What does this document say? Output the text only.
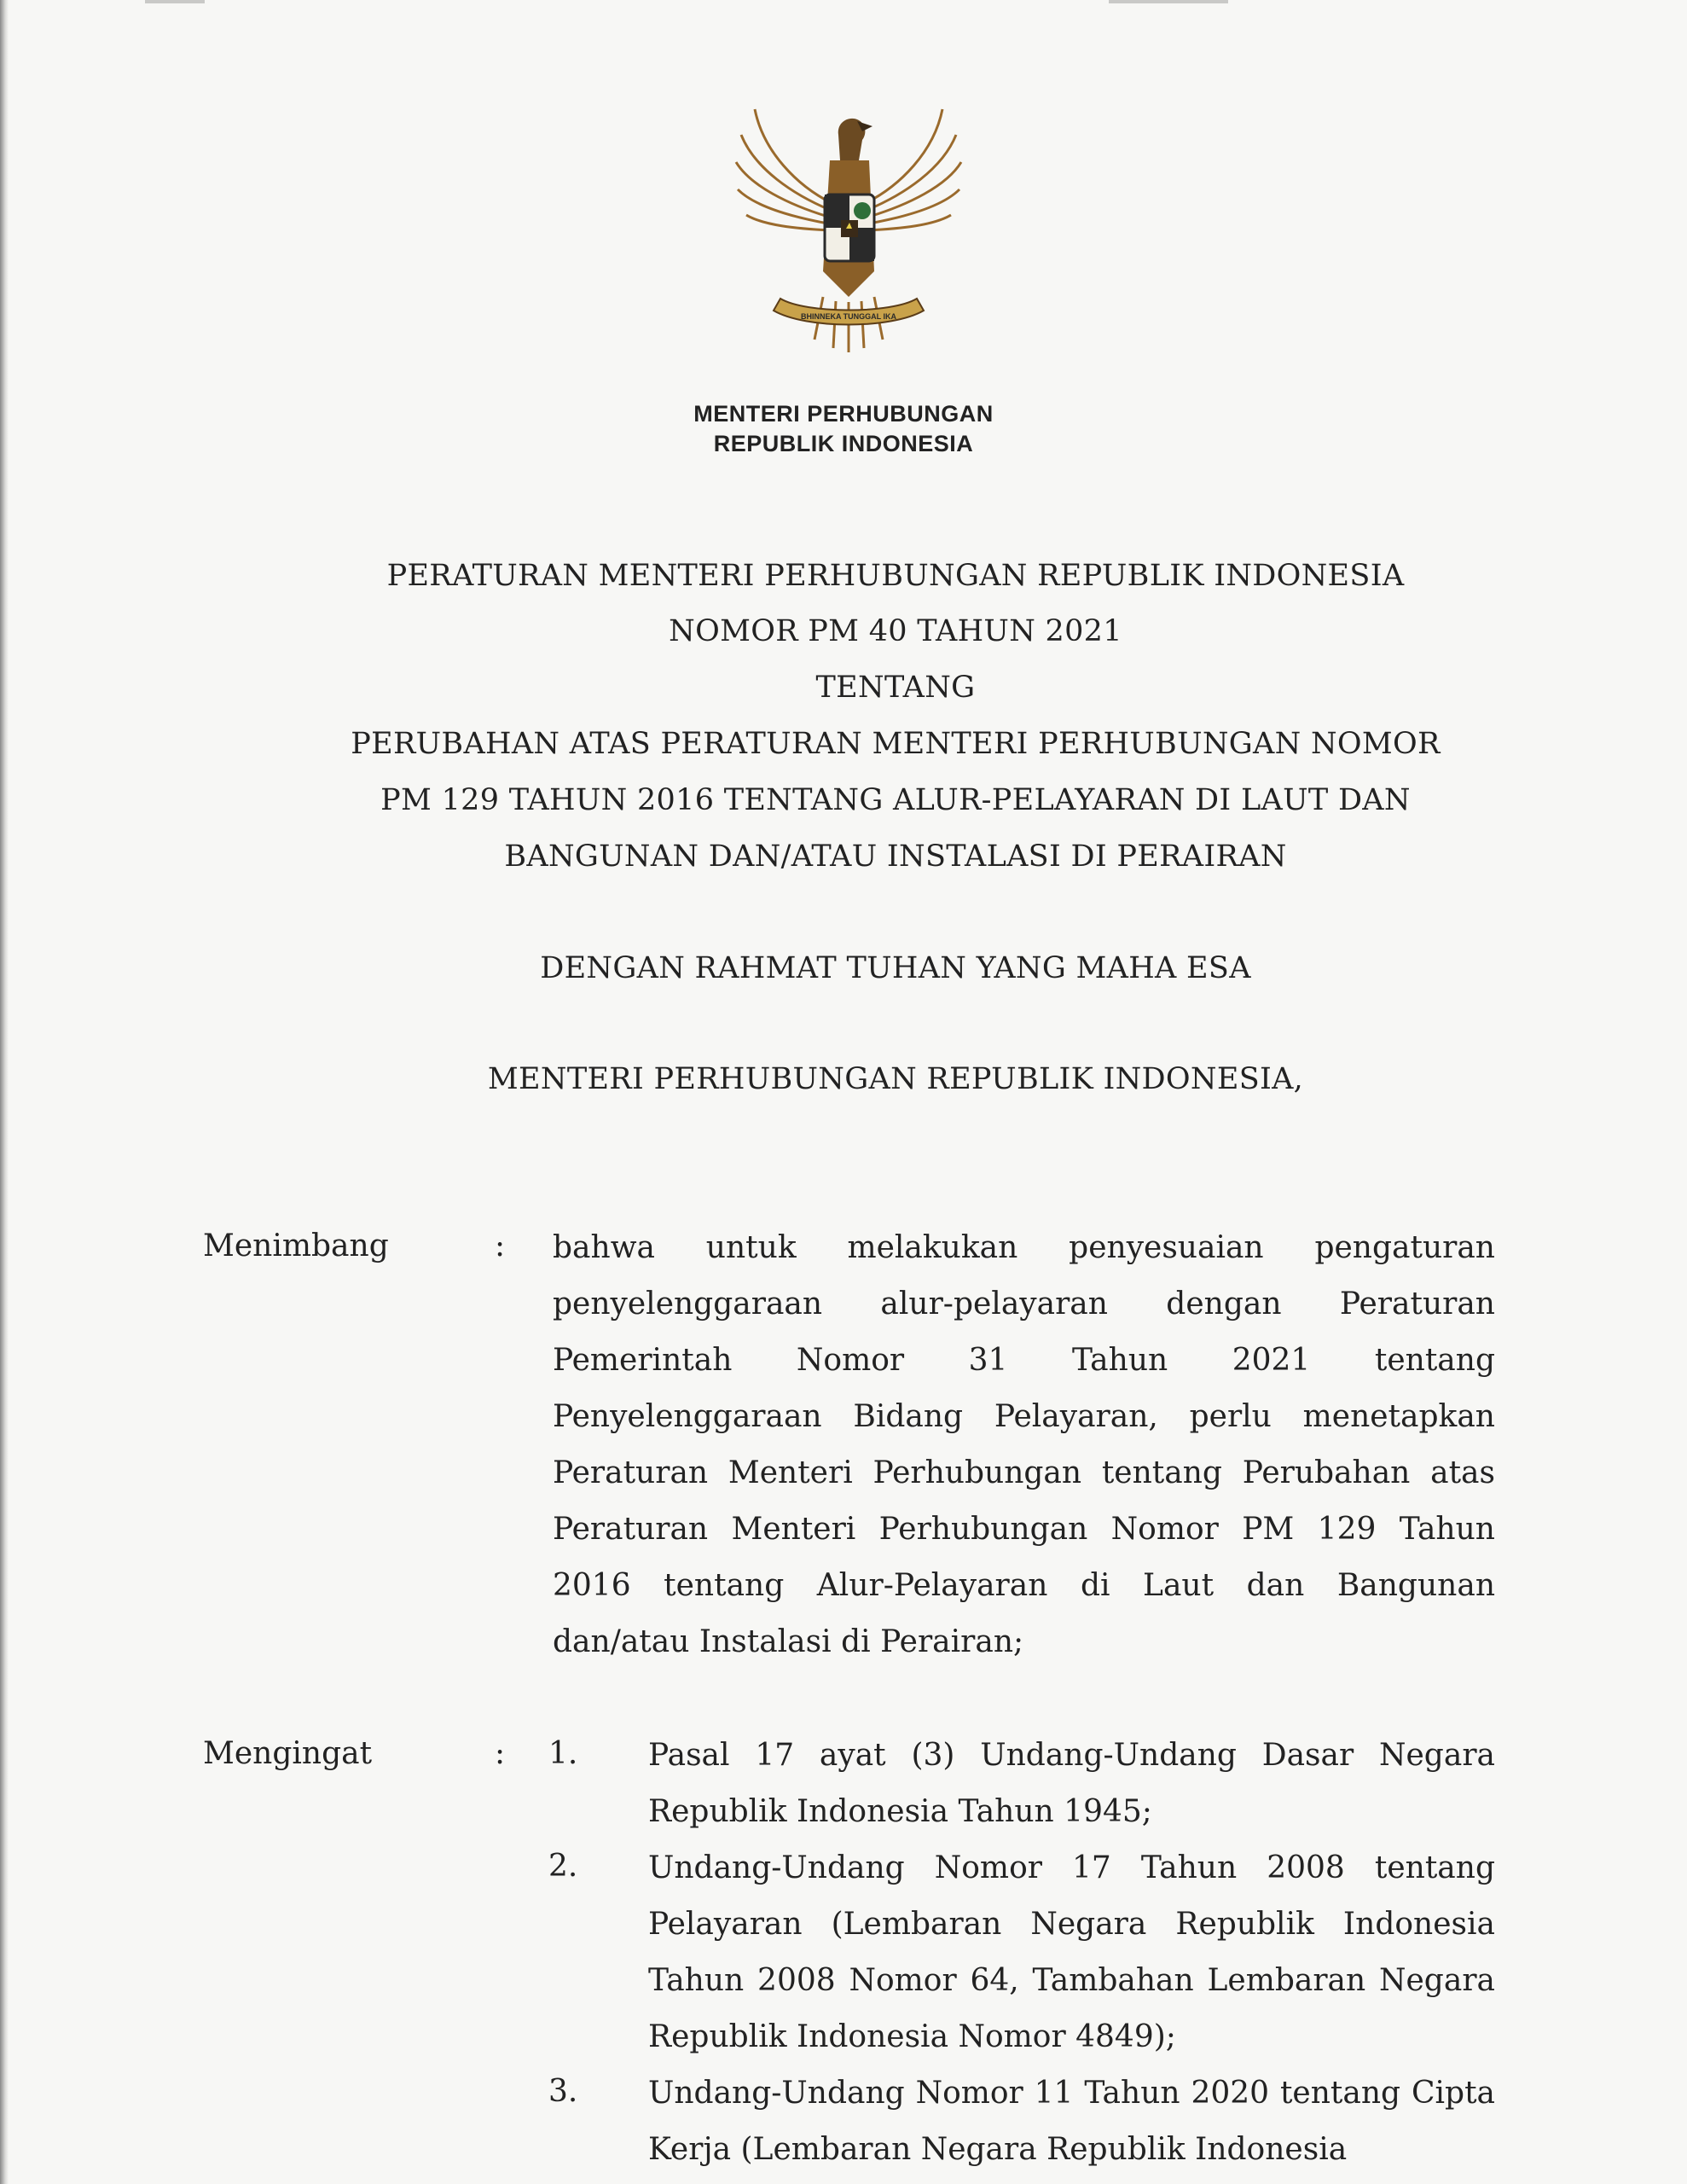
BHINNEKA TUNGGAL IKA
MENTERI PERHUBUNGAN
REPUBLIK INDONESIA
PERATURAN MENTERI PERHUBUNGAN REPUBLIK INDONESIA
NOMOR PM 40 TAHUN 2021
TENTANG
PERUBAHAN ATAS PERATURAN MENTERI PERHUBUNGAN NOMOR
PM 129 TAHUN 2016 TENTANG ALUR-PELAYARAN DI LAUT DAN
BANGUNAN DAN/ATAU INSTALASI DI PERAIRAN
DENGAN RAHMAT TUHAN YANG MAHA ESA
MENTERI PERHUBUNGAN REPUBLIK INDONESIA,
Menimbang	: bahwa untuk melakukan penyesuaian pengaturan penyelenggaraan alur-pelayaran dengan Peraturan Pemerintah Nomor 31 Tahun 2021 tentang Penyelenggaraan Bidang Pelayaran, perlu menetapkan Peraturan Menteri Perhubungan tentang Perubahan atas Peraturan Menteri Perhubungan Nomor PM 129 Tahun 2016 tentang Alur-Pelayaran di Laut dan Bangunan dan/atau Instalasi di Perairan;
Mengingat	: 1. Pasal 17 ayat (3) Undang-Undang Dasar Negara Republik Indonesia Tahun 1945;
2. Undang-Undang Nomor 17 Tahun 2008 tentang Pelayaran (Lembaran Negara Republik Indonesia Tahun 2008 Nomor 64, Tambahan Lembaran Negara Republik Indonesia Nomor 4849);
3. Undang-Undang Nomor 11 Tahun 2020 tentang Cipta Kerja (Lembaran Negara Republik Indonesia
